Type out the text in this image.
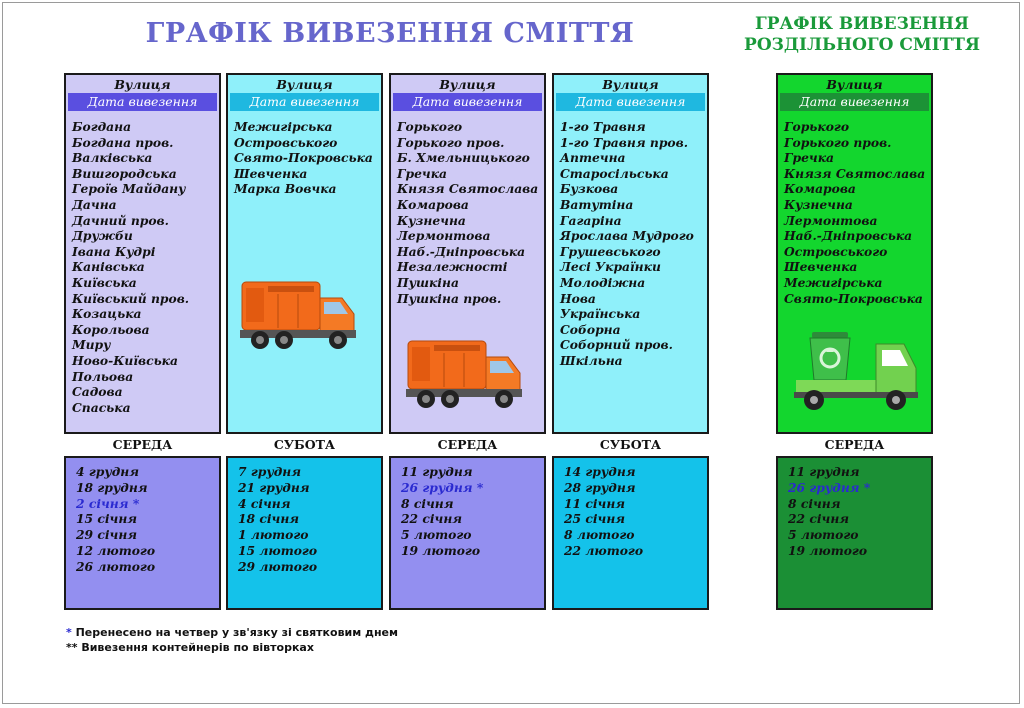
ГРАФІК ВИВЕЗЕННЯ СМІТТЯ	ГРАФІК ВИВЕЗЕННЯ
РОЗДІЛЬНОГО СМІТТЯ
Вулиця
Дата вивезення
Богдана
Богдана пров.
Валківська
Вишгородська
Героїв Майдану
Дачна
Дачний пров.
Дружби
Івана Кудрі
Канівська
Київська
Київський пров.
Козацька
Корольова
Миру
Ново-Київська
Польова
Садова
Спаська
СЕРЕДА
4 грудня
18 грудня
2 січня *
15 січня
29 січня
12 лютого
26 лютого
Вулиця
Дата вивезення
Межигірська
Островського
Свято-Покровська
Шевченка
Марка Вовчка
СУБОТА
7 грудня
21 грудня
4 січня
18 січня
1 лютого
15 лютого
29 лютого
Вулиця
Дата вивезення
Горького
Горького пров.
Б. Хмельницького
Гречка
Князя Святослава
Комарова
Кузнечна
Лермонтова
Наб.-Дніпровська
Незалежності
Пушкіна
Пушкіна пров.
СЕРЕДА
11 грудня
26 грудня *
8 січня
22 січня
5 лютого
19 лютого
Вулиця
Дата вивезення
1-го Травня
1-го Травня пров.
Аптечна
Старосільська
Бузкова
Ватутіна
Гагаріна
Ярослава Мудрого
Грушевського
Лесі Українки
Молодіжна
Нова
Українська
Соборна
Соборний пров.
Шкільна
СУБОТА
14 грудня
28 грудня
11 січня
25 січня
8 лютого
22 лютого
Вулиця
Дата вивезення
Горького
Горького пров.
Гречка
Князя Святослава
Комарова
Кузнечна
Лермонтова
Наб.-Дніпровська
Островського
Шевченка
Межигірська
Свято-Покровська
СЕРЕДА
11 грудня
26 грудня *
8 січня
22 січня
5 лютого
19 лютого
* Перенесено на четвер у зв'язку зі святковим днем
** Вивезення контейнерів по вівторках
